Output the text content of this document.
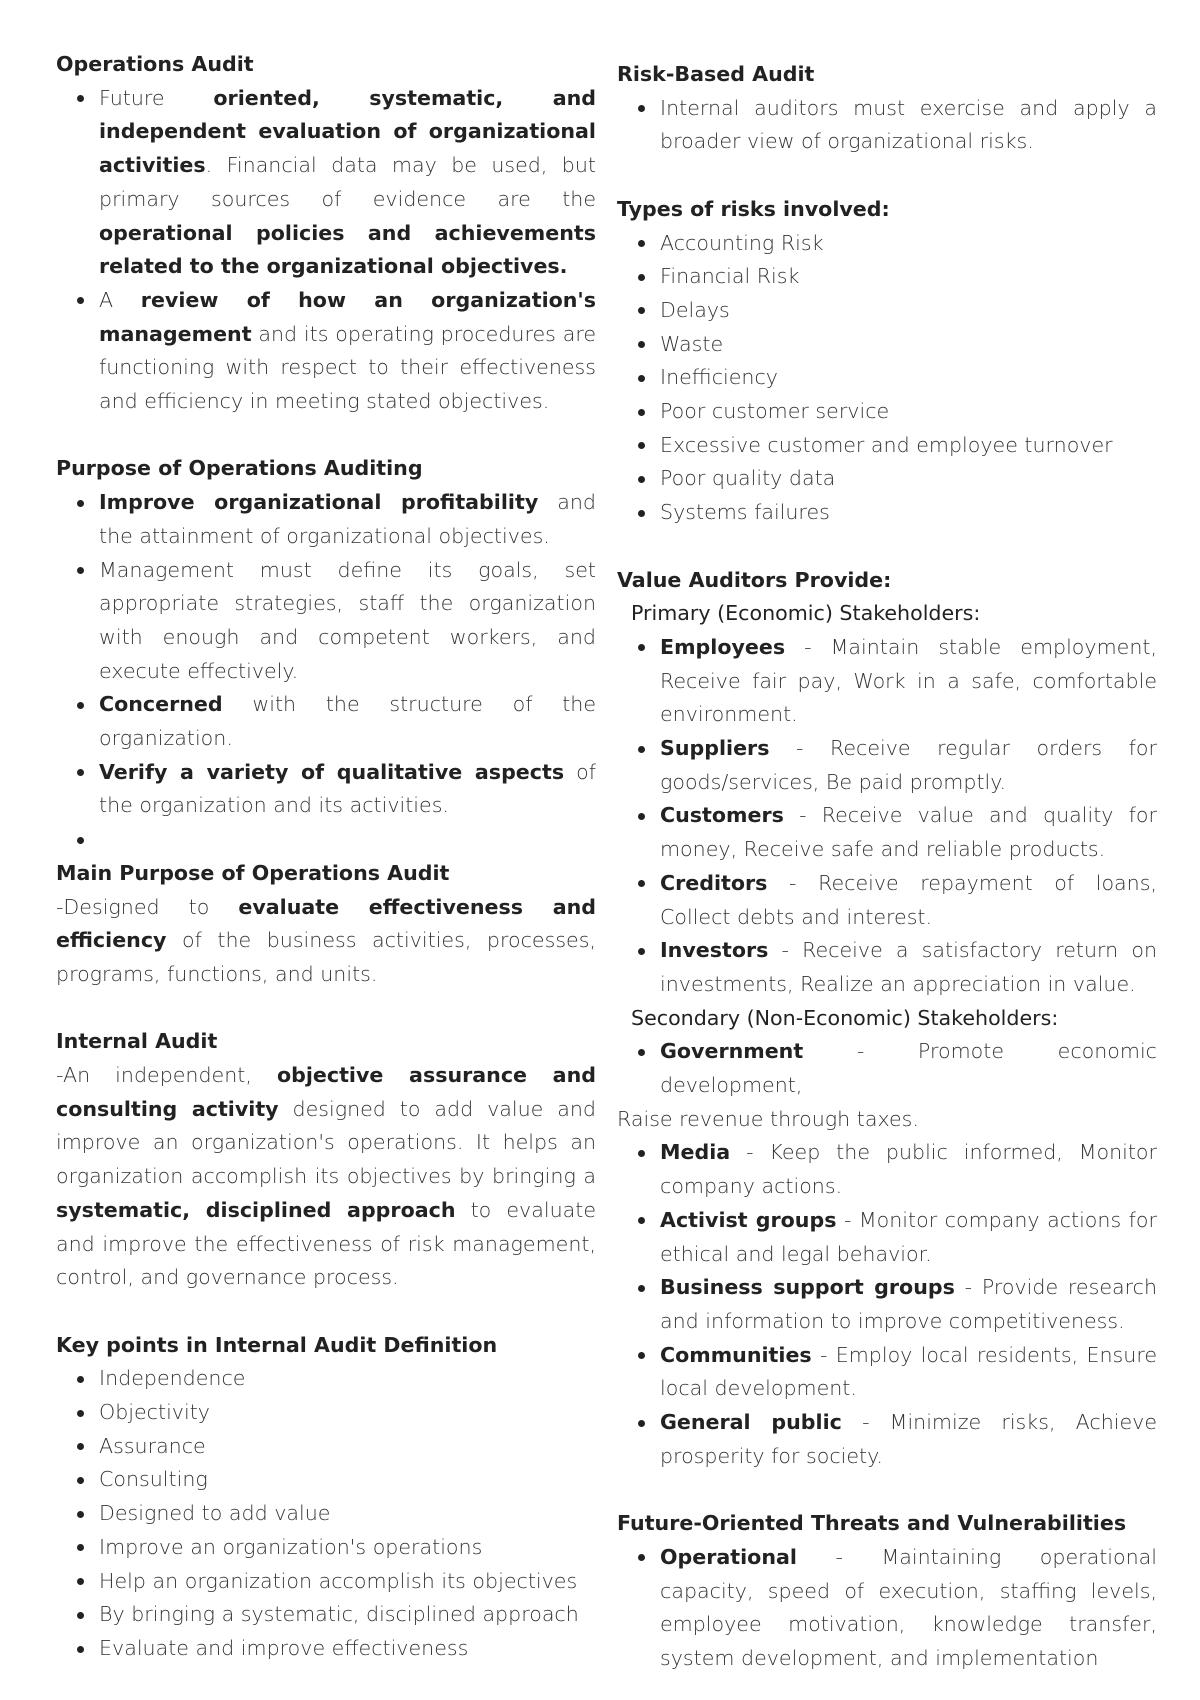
Operations Audit
Future oriented, systematic, and independent evaluation of organizational activities. Financial data may be used, but primary sources of evidence are the operational policies and achievements related to the organizational objectives.
A review of how an organization's management and its operating procedures are functioning with respect to their effectiveness and efficiency in meeting stated objectives.
Purpose of Operations Auditing
Improve organizational profitability and the attainment of organizational objectives.
Management must define its goals, set appropriate strategies, staff the organization with enough and competent workers, and execute effectively.
Concerned with the structure of the organization.
Verify a variety of qualitative aspects of the organization and its activities.

Main Purpose of Operations Audit

-Designed to evaluate effectiveness and efficiency of the business activities, processes, programs, functions, and units.

Internal Audit

-An independent, objective assurance and consulting activity designed to add value and improve an organization's operations. It helps an organization accomplish its objectives by bringing a systematic, disciplined approach to evaluate and improve the effectiveness of risk management, control, and governance process.

Key points in Internal Audit Definition
Independence
Objectivity
Assurance
Consulting
Designed to add value
Improve an organization's operations
Help an organization accomplish its objectives
By bringing a systematic, disciplined approach
Evaluate and improve effectiveness
Risk-Based Audit
Internal auditors must exercise and apply a broader view of organizational risks.
Types of risks involved:
Accounting Risk
Financial Risk
Delays
Waste
Inefficiency
Poor customer service
Excessive customer and employee turnover
Poor quality data
Systems failures
Value Auditors Provide:
Primary (Economic) Stakeholders:
Employees - Maintain stable employment, Receive fair pay, Work in a safe, comfortable environment.
Suppliers - Receive regular orders for goods/services, Be paid promptly.
Customers - Receive value and quality for money, Receive safe and reliable products.
Creditors - Receive repayment of loans, Collect debts and interest.
Investors - Receive a satisfactory return on investments, Realize an appreciation in value.
Secondary (Non-Economic) Stakeholders:
Government - Promote economic development,
Raise revenue through taxes.
Media - Keep the public informed, Monitor company actions.
Activist groups - Monitor company actions for ethical and legal behavior.
Business support groups - Provide research and information to improve competitiveness.
Communities - Employ local residents, Ensure local development.
General public - Minimize risks, Achieve prosperity for society.
Future-Oriented Threats and Vulnerabilities
Operational - Maintaining operational capacity, speed of execution, staffing levels, employee motivation, knowledge transfer, system development, and implementation
